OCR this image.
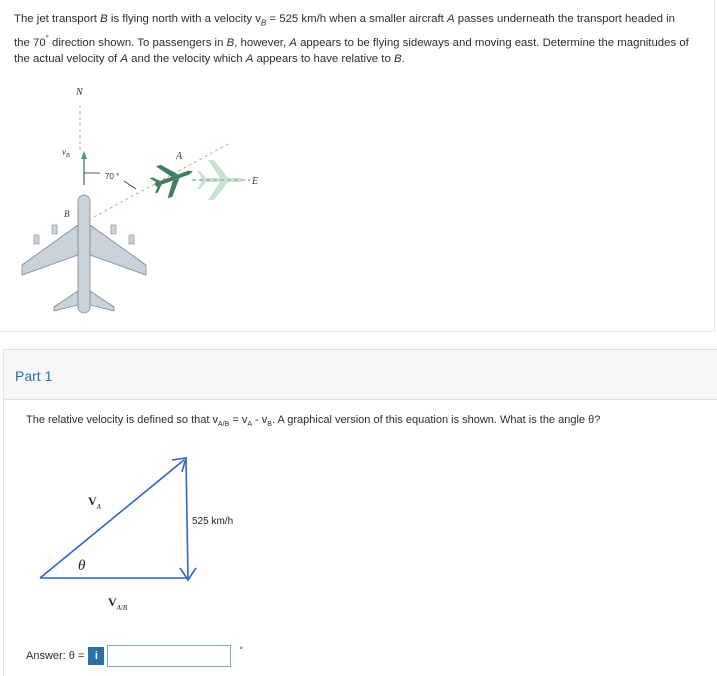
The jet transport B is flying north with a velocity $v_B = 525$ km/h when a smaller aircraft A passes underneath the transport headed in
the 70° direction shown. To passengers in B, however, A appears to be flying sideways and moving east. Determine the magnitudes of
the actual velocity of A and the velocity which A appears to have relative to B.
N
$v_B$
70 °	E
A
B
Part 1
The relative velocity is defined so that $v_{A/B} = v_A - v_B$. A graphical version of this equation is shown. What is the angle θ?
$V_A$
525 km/h
θ
$V_{A/B}$
Answer: θ = i	°
